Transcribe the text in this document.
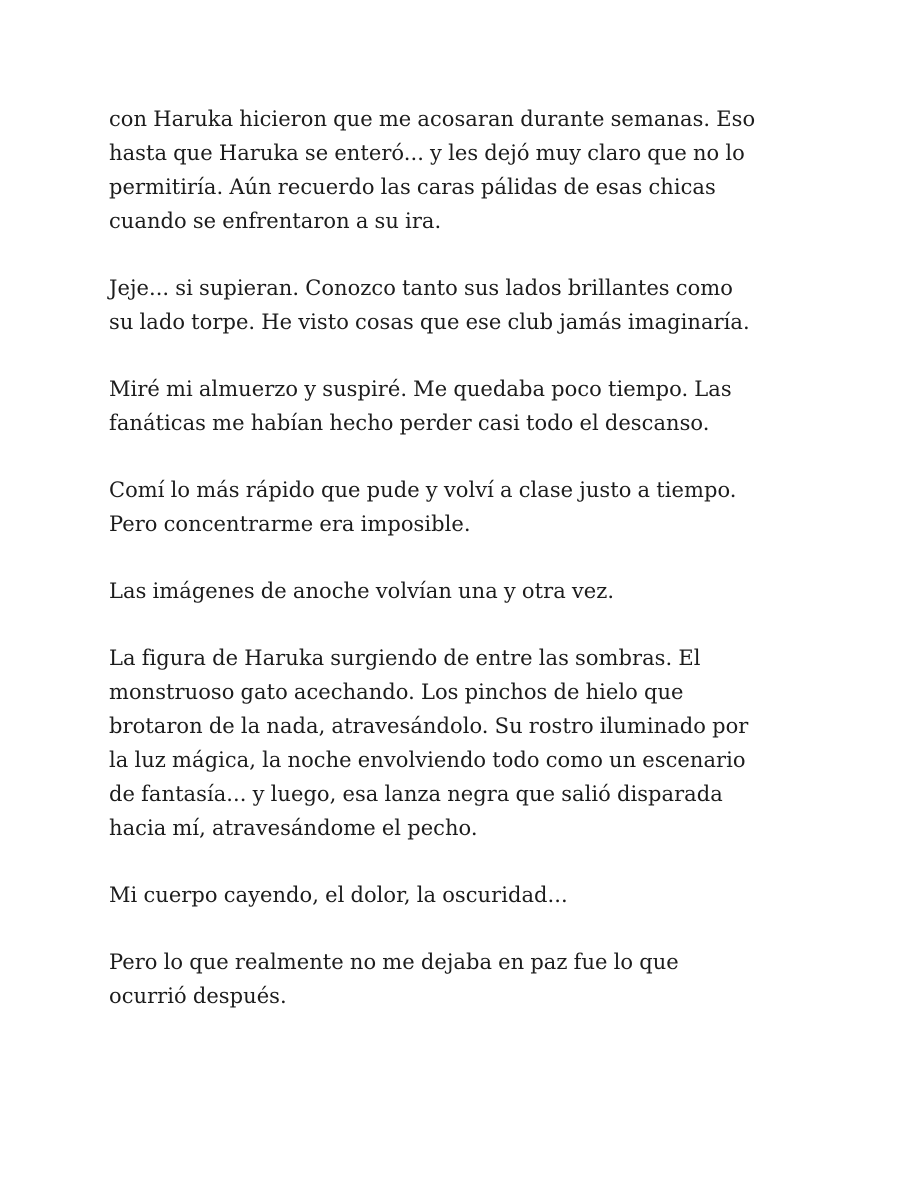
con Haruka hicieron que me acosaran durante semanas. Eso
hasta que Haruka se enteró... y les dejó muy claro que no lo
permitiría. Aún recuerdo las caras pálidas de esas chicas
cuando se enfrentaron a su ira.

Jeje... si supieran. Conozco tanto sus lados brillantes como
su lado torpe. He visto cosas que ese club jamás imaginaría.

Miré mi almuerzo y suspiré. Me quedaba poco tiempo. Las
fanáticas me habían hecho perder casi todo el descanso.

Comí lo más rápido que pude y volví a clase justo a tiempo.
Pero concentrarme era imposible.

Las imágenes de anoche volvían una y otra vez.

La figura de Haruka surgiendo de entre las sombras. El
monstruoso gato acechando. Los pinchos de hielo que
brotaron de la nada, atravesándolo. Su rostro iluminado por
la luz mágica, la noche envolviendo todo como un escenario
de fantasía... y luego, esa lanza negra que salió disparada
hacia mí, atravesándome el pecho.

Mi cuerpo cayendo, el dolor, la oscuridad...

Pero lo que realmente no me dejaba en paz fue lo que
ocurrió después.
